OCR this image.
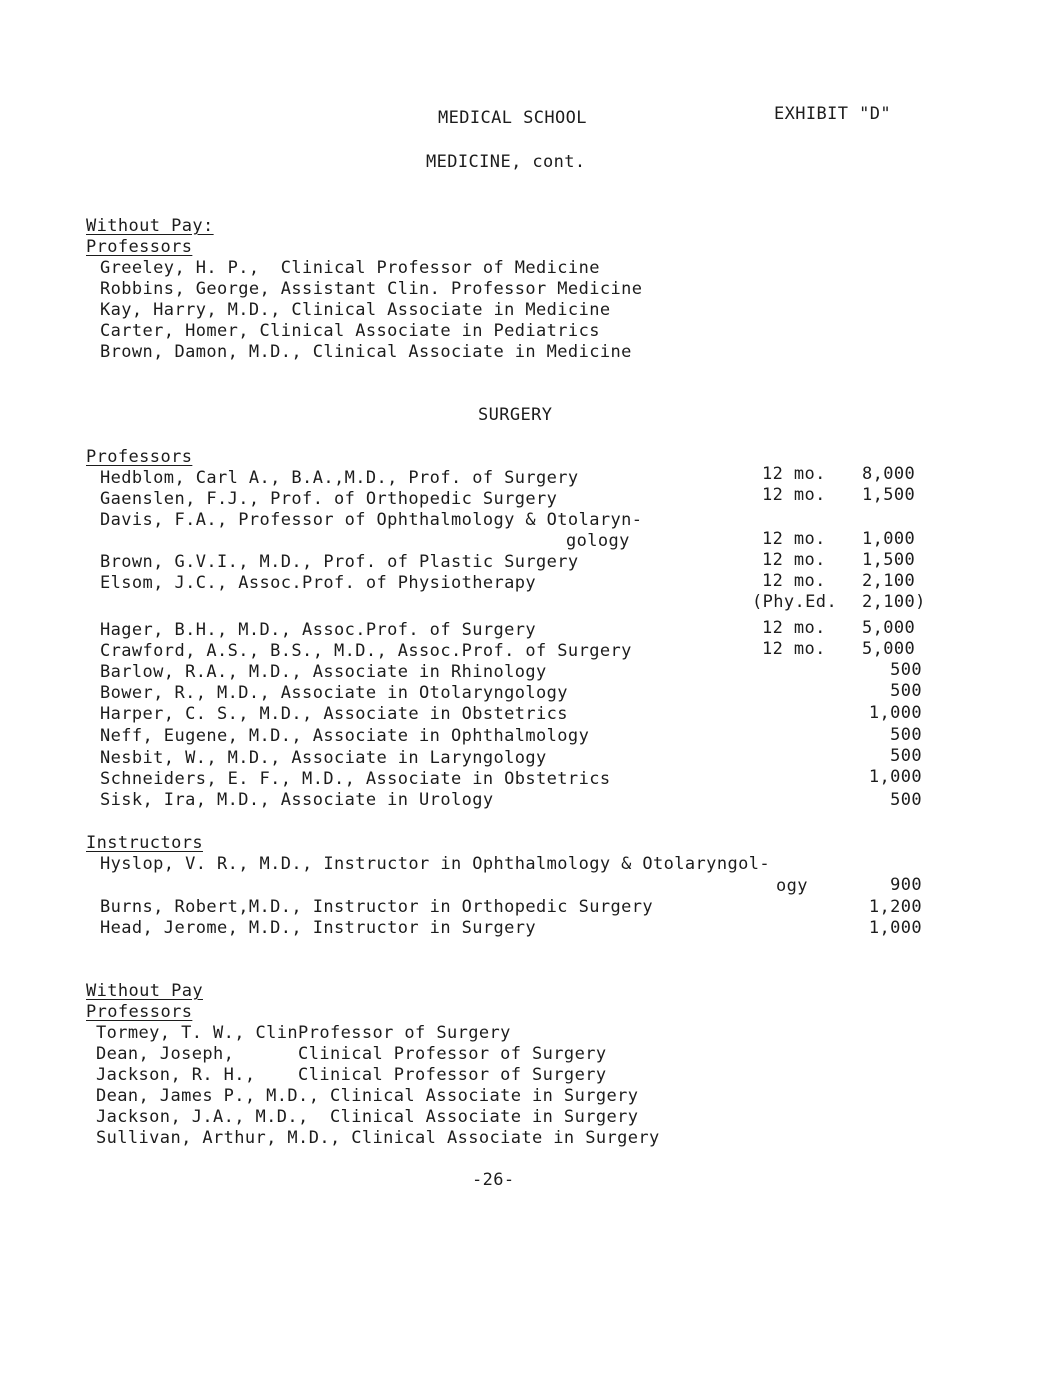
MEDICAL SCHOOL	EXHIBIT "D"
MEDICINE, cont.
Without Pay:
Professors
Greeley, H. P.,  Clinical Professor of Medicine
Robbins, George, Assistant Clin. Professor Medicine
Kay, Harry, M.D., Clinical Associate in Medicine
Carter, Homer, Clinical Associate in Pediatrics
Brown, Damon, M.D., Clinical Associate in Medicine
SURGERY
Professors
Hedblom, Carl A., B.A.,M.D., Prof. of Surgery	12 mo. 8,000
Gaenslen, F.J., Prof. of Orthopedic Surgery	12 mo. 1,500
Davis, F.A., Professor of Ophthalmology & Otolaryn-
gology	12 mo. 1,000
Brown, G.V.I., M.D., Prof. of Plastic Surgery	12 mo. 1,500
Elsom, J.C., Assoc.Prof. of Physiotherapy	12 mo. 2,100
(Phy.Ed. 2,100)
Hager, B.H., M.D., Assoc.Prof. of Surgery	12 mo. 5,000
Crawford, A.S., B.S., M.D., Assoc.Prof. of Surgery	12 mo. 5,000
Barlow, R.A., M.D., Associate in Rhinology	500
Bower, R., M.D., Associate in Otolaryngology	500
Harper, C. S., M.D., Associate in Obstetrics	1,000
Neff, Eugene, M.D., Associate in Ophthalmology	500
Nesbit, W., M.D., Associate in Laryngology	500
Schneiders, E. F., M.D., Associate in Obstetrics	1,000
Sisk, Ira, M.D., Associate in Urology	500
Instructors
Hyslop, V. R., M.D., Instructor in Ophthalmology & Otolaryngol-
ogy	900
Burns, Robert,M.D., Instructor in Orthopedic Surgery	1,200
Head, Jerome, M.D., Instructor in Surgery	1,000
Without Pay
Professors
Tormey, T. W., ClinProfessor of Surgery
Dean, Joseph,      Clinical Professor of Surgery
Jackson, R. H.,    Clinical Professor of Surgery
Dean, James P., M.D., Clinical Associate in Surgery
Jackson, J.A., M.D.,  Clinical Associate in Surgery
Sullivan, Arthur, M.D., Clinical Associate in Surgery
-26-
